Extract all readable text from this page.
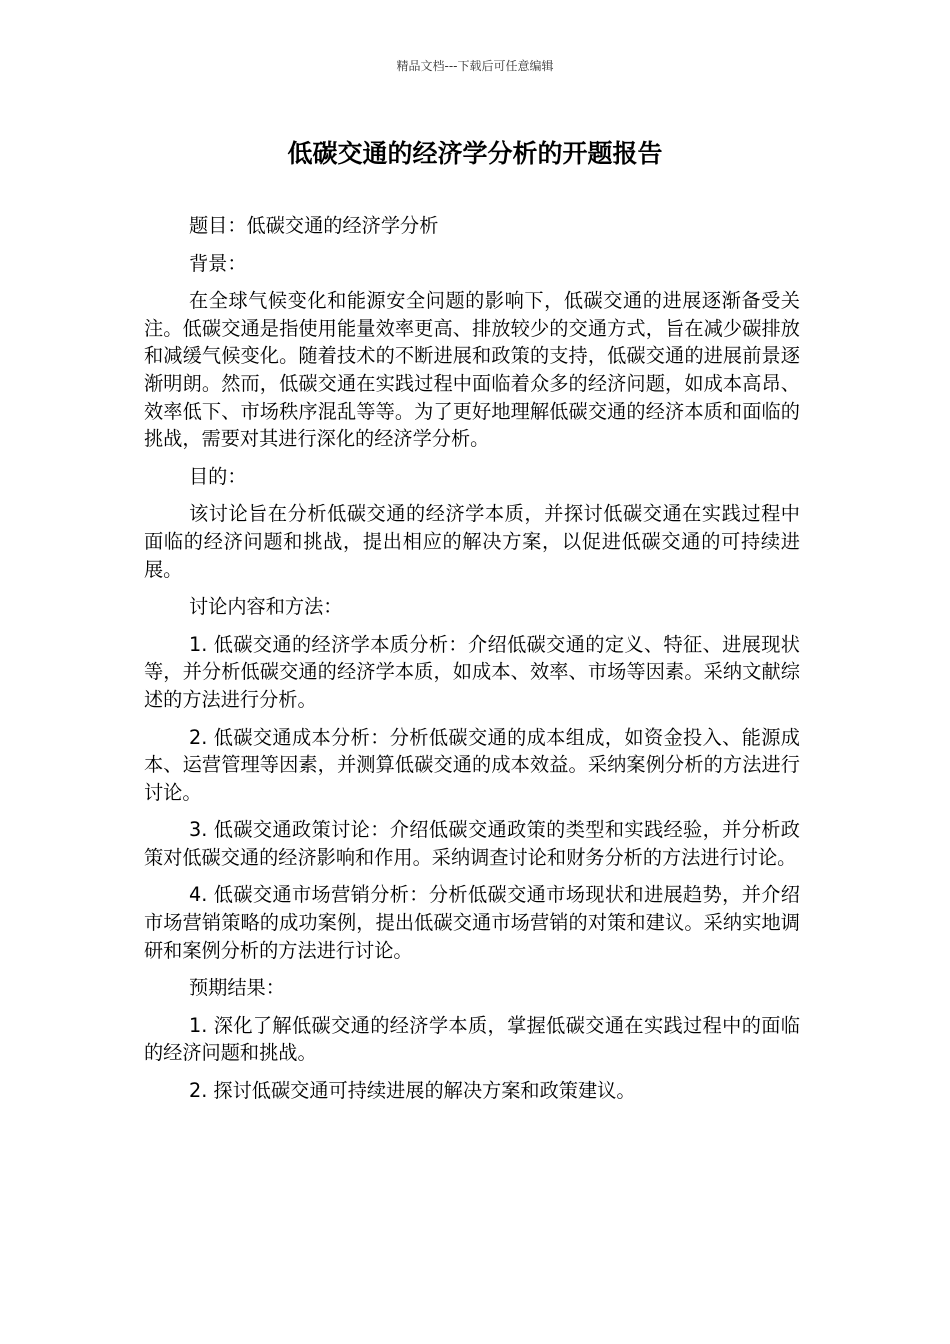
精品文档---下载后可任意编辑
低碳交通的经济学分析的开题报告

题目：低碳交通的经济学分析

背景：

在全球气候变化和能源安全问题的影响下，低碳交通的进展逐渐备受关注。低碳交通是指使用能量效率更高、排放较少的交通方式，旨在减少碳排放和减缓气候变化。随着技术的不断进展和政策的支持，低碳交通的进展前景逐渐明朗。然而，低碳交通在实践过程中面临着众多的经济问题，如成本高昂、效率低下、市场秩序混乱等等。为了更好地理解低碳交通的经济本质和面临的挑战，需要对其进行深化的经济学分析。

目的：

该讨论旨在分析低碳交通的经济学本质，并探讨低碳交通在实践过程中面临的经济问题和挑战，提出相应的解决方案，以促进低碳交通的可持续进展。

讨论内容和方法：

1. 低碳交通的经济学本质分析：介绍低碳交通的定义、特征、进展现状等，并分析低碳交通的经济学本质，如成本、效率、市场等因素。采纳文献综述的方法进行分析。

2. 低碳交通成本分析：分析低碳交通的成本组成，如资金投入、能源成本、运营管理等因素，并测算低碳交通的成本效益。采纳案例分析的方法进行讨论。

3. 低碳交通政策讨论：介绍低碳交通政策的类型和实践经验，并分析政策对低碳交通的经济影响和作用。采纳调查讨论和财务分析的方法进行讨论。

4. 低碳交通市场营销分析：分析低碳交通市场现状和进展趋势，并介绍市场营销策略的成功案例，提出低碳交通市场营销的对策和建议。采纳实地调研和案例分析的方法进行讨论。

预期结果：

1. 深化了解低碳交通的经济学本质，掌握低碳交通在实践过程中的面临的经济问题和挑战。

2. 探讨低碳交通可持续进展的解决方案和政策建议。
